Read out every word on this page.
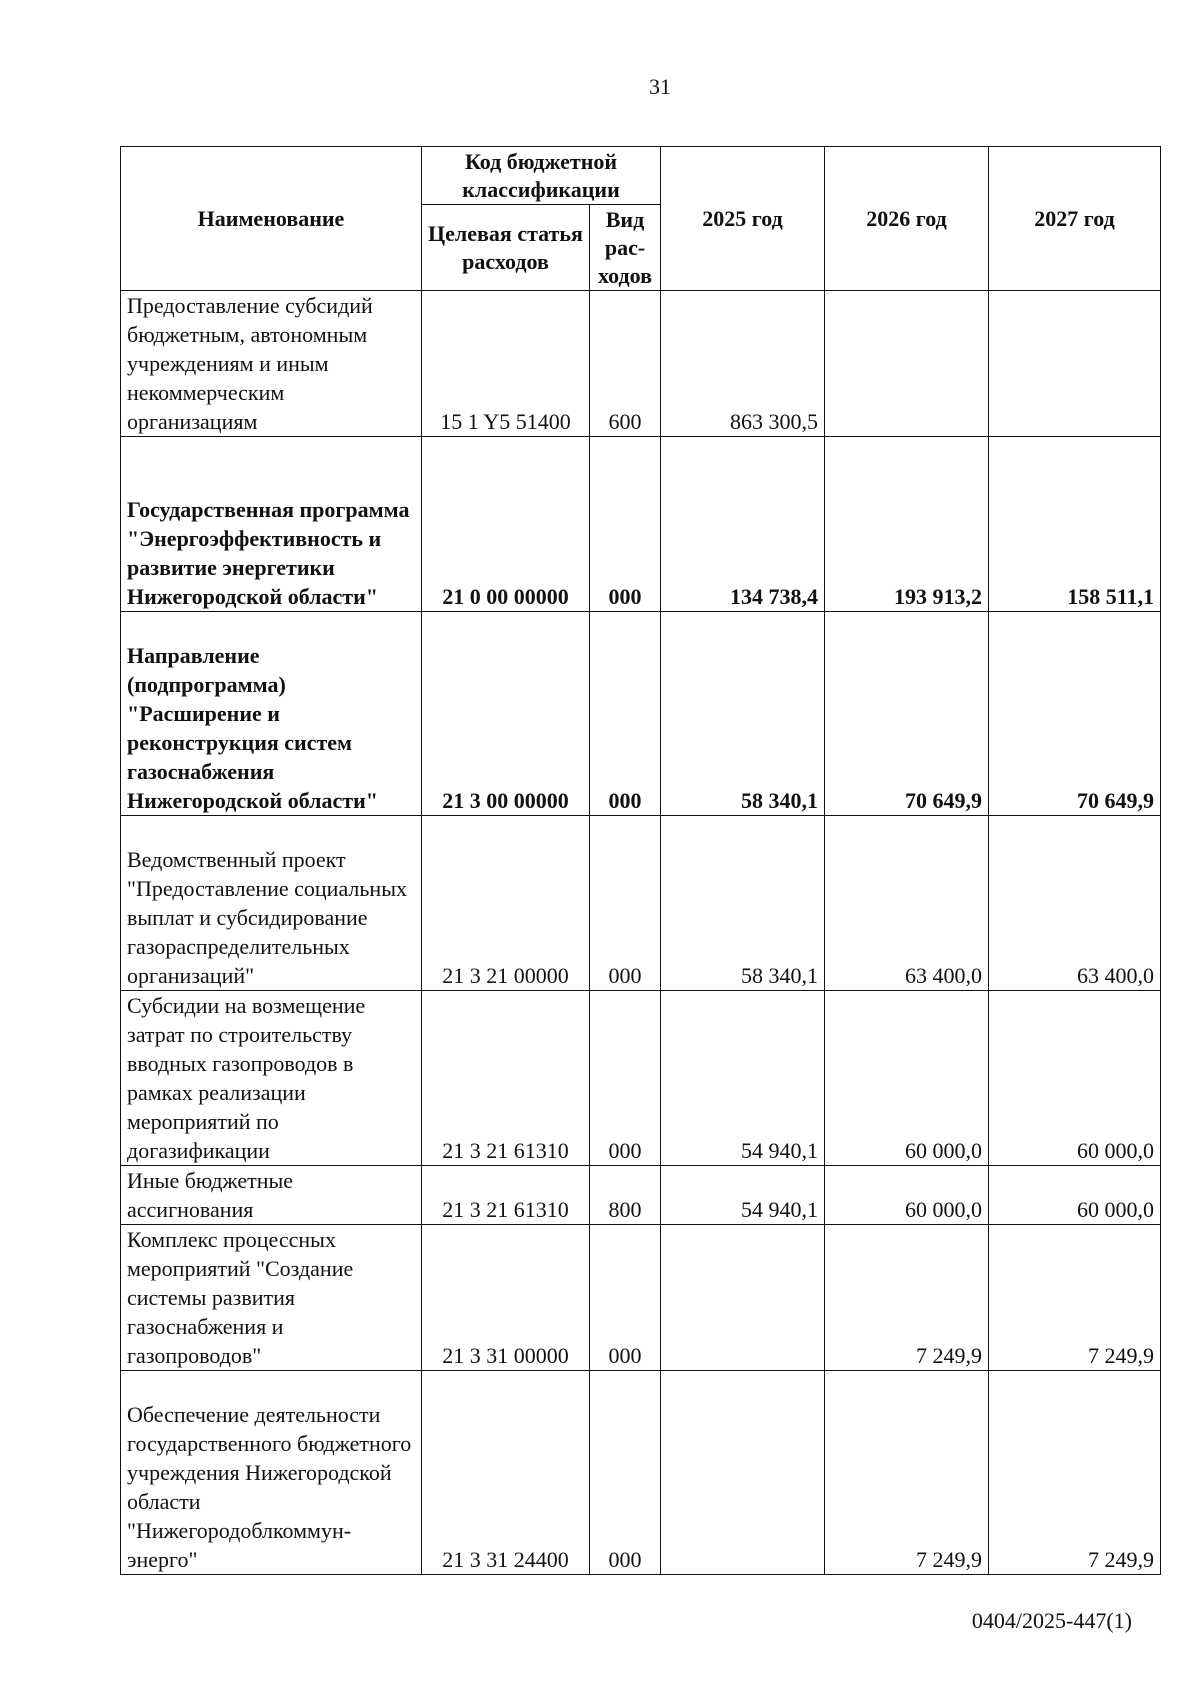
31
Наименование	Код бюджетной классификации		2025 год	2026 год	2027 год
	Целевая статья расходов	Вид рас-ходов			
Предоставление субсидий бюджетным, автономным учреждениям и иным некоммерческим организациям	15 1 Y5 51400	600	863 300,5		
Государственная программа "Энергоэффективность и развитие энергетики Нижегородской области"	21 0 00 00000	000	134 738,4	193 913,2	158 511,1
Направление (подпрограмма) "Расширение и реконструкция систем газоснабжения Нижегородской области"	21 3 00 00000	000	58 340,1	70 649,9	70 649,9
Ведомственный проект "Предоставление социальных выплат и субсидирование газораспределительных организаций"	21 3 21 00000	000	58 340,1	63 400,0	63 400,0
Субсидии на возмещение затрат по строительству вводных газопроводов в рамках реализации мероприятий по догазификации	21 3 21 61310	000	54 940,1	60 000,0	60 000,0
Иные бюджетные ассигнования	21 3 21 61310	800	54 940,1	60 000,0	60 000,0
Комплекс процессных мероприятий "Создание системы развития газоснабжения и газопроводов"	21 3 31 00000	000		7 249,9	7 249,9
Обеспечение деятельности государственного бюджетного учреждения Нижегородской области "Нижегородоблкоммун-энерго"	21 3 31 24400	000		7 249,9	7 249,9
0404/2025-447(1)
